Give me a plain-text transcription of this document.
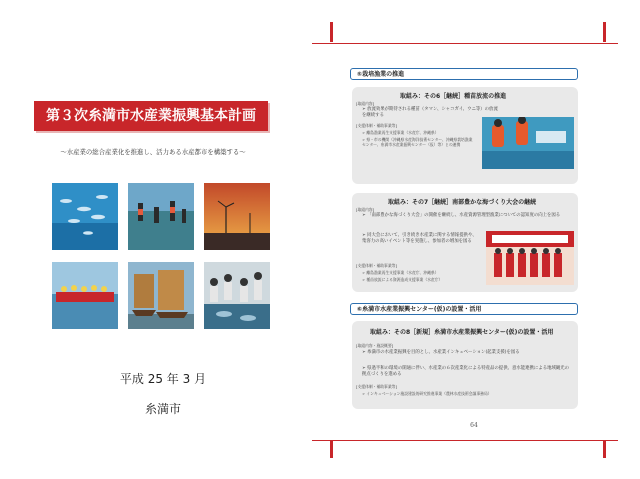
第３次糸満市水産業振興基本計画
～水産業の総合産業化を推進し、活力ある水産都市を構築する～
平成 25 年 3 月
糸満市
⑤栽培漁業の推進
取組み：その6［継続］種苗放流の推進
[取組内容]
➢ 放流効果が期待される種苗（タマン、シャコガイ、ウニ等）の放流を継続する
[支援体制・補助事業等]
➢ 離島漁業再生支援事業（水産庁、沖縄県）
➢ 県・市の機関（沖縄県水産海洋技術センター、沖縄県栽培漁業センター、糸満市水産業振興センター（仮）等）との連携
取組み：その7［継続］南部豊かな海づくり大会の継続
[取組内容]
➢ 「南部豊かな海づくり大会」の開催を継続し、水産資源管理型漁業についての認知度の向上を図る
➢ 同大会において、引き続き水産業に関する情報提供や、集客力の高いイベント等を実施し、参加者の増加を図る
[支援体制・補助事業等]
➢ 離島漁業再生支援事業（水産庁、沖縄県）
➢ 種苗放流による資源造成支援事業（水産庁）
⑥糸満市水産業振興センター(仮)の設置・活用
取組み：その8［新規］糸満市水産業振興センター(仮)の設置・活用
[取組内容・施設概要]
➢ 糸満市の水産業振興を目的とし、水産業インキュベーション(起業支援)を図る
➢ 県過半和の環境の開通に伴い、水産業の６次産業化による特産品の提供、意水能連携による地域観光の拠点づくりを進める
[支援体制・補助事業等]
➢ インキュベーション施設建設的研究推進事業（農林水産技術会議事務局）
64
